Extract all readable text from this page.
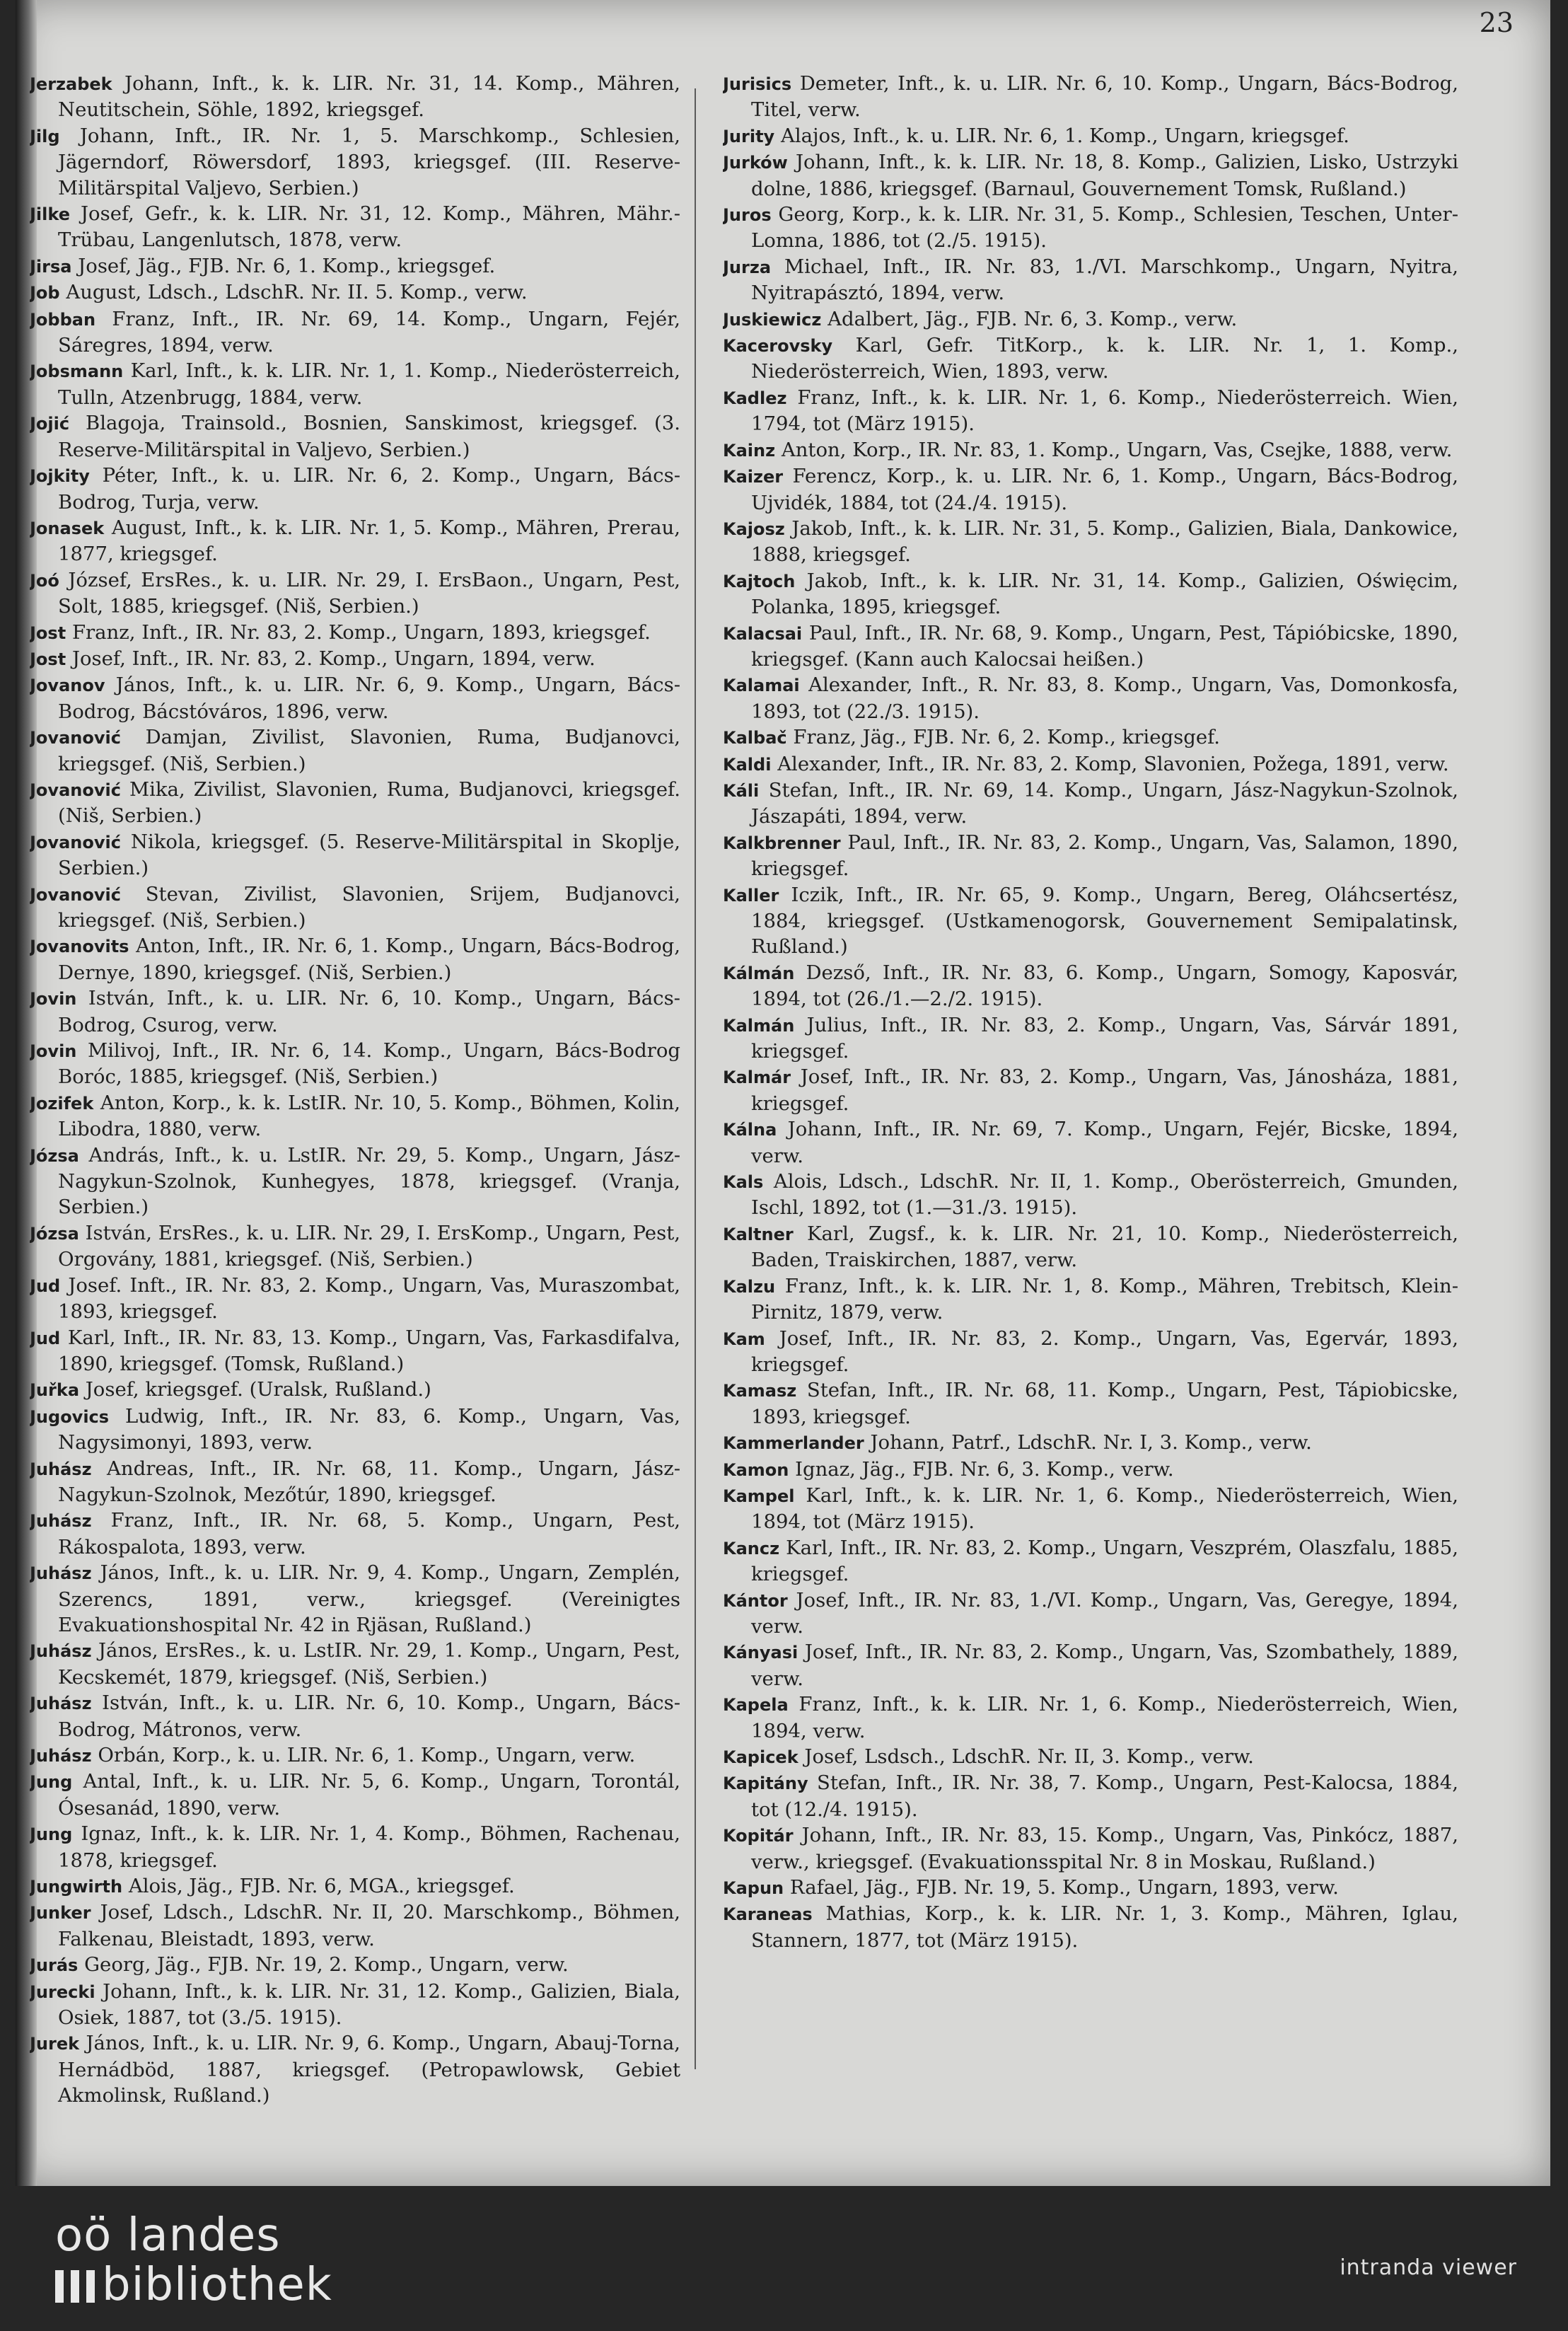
23
Jerzabek Johann, Inft., k. k. LIR. Nr. 31, 14. Komp., Mähren, Neutitschein, Söhle, 1892, kriegsgef.
Jilg Johann, Inft., IR. Nr. 1, 5. Marschkomp., Schlesien, Jägerndorf, Röwersdorf, 1893, kriegsgef. (III. Reserve-Militärspital Valjevo, Serbien.)
Jilke Josef, Gefr., k. k. LIR. Nr. 31, 12. Komp., Mähren, Mähr.-Trübau, Langenlutsch, 1878, verw.
Jirsa Josef, Jäg., FJB. Nr. 6, 1. Komp., kriegsgef.
Job August, Ldsch., LdschR. Nr. II. 5. Komp., verw.
Jobban Franz, Inft., IR. Nr. 69, 14. Komp., Ungarn, Fejér, Sáregres, 1894, verw.
Jobsmann Karl, Inft., k. k. LIR. Nr. 1, 1. Komp., Niederösterreich, Tulln, Atzenbrugg, 1884, verw.
Jojić Blagoja, Trainsold., Bosnien, Sanskimost, kriegsgef. (3. Reserve-Militärspital in Valjevo, Serbien.)
Jojkity Péter, Inft., k. u. LIR. Nr. 6, 2. Komp., Ungarn, Bács-Bodrog, Turja, verw.
Jonasek August, Inft., k. k. LIR. Nr. 1, 5. Komp., Mähren, Prerau, 1877, kriegsgef.
Joó József, ErsRes., k. u. LIR. Nr. 29, I. ErsBaon., Ungarn, Pest, Solt, 1885, kriegsgef. (Niš, Serbien.)
Jost Franz, Inft., IR. Nr. 83, 2. Komp., Ungarn, 1893, kriegsgef.
Jost Josef, Inft., IR. Nr. 83, 2. Komp., Ungarn, 1894, verw.
Jovanov János, Inft., k. u. LIR. Nr. 6, 9. Komp., Ungarn, Bács-Bodrog, Bácstóváros, 1896, verw.
Jovanović Damjan, Zivilist, Slavonien, Ruma, Budjanovci, kriegsgef. (Niš, Serbien.)
Jovanović Mika, Zivilist, Slavonien, Ruma, Budjanovci, kriegsgef. (Niš, Serbien.)
Jovanović Nikola, kriegsgef. (5. Reserve-Militärspital in Skoplje, Serbien.)
Jovanović Stevan, Zivilist, Slavonien, Srijem, Budjanovci, kriegsgef. (Niš, Serbien.)
Jovanovits Anton, Inft., IR. Nr. 6, 1. Komp., Ungarn, Bács-Bodrog, Dernye, 1890, kriegsgef. (Niš, Serbien.)
Jovin István, Inft., k. u. LIR. Nr. 6, 10. Komp., Ungarn, Bács-Bodrog, Csurog, verw.
Jovin Milivoj, Inft., IR. Nr. 6, 14. Komp., Ungarn, Bács-Bodrog Boróc, 1885, kriegsgef. (Niš, Serbien.)
Jozifek Anton, Korp., k. k. LstIR. Nr. 10, 5. Komp., Böhmen, Kolin, Libodra, 1880, verw.
Józsa András, Inft., k. u. LstIR. Nr. 29, 5. Komp., Ungarn, Jász-Nagykun-Szolnok, Kunhegyes, 1878, kriegsgef. (Vranja, Serbien.)
Józsa István, ErsRes., k. u. LIR. Nr. 29, I. ErsKomp., Ungarn, Pest, Orgovány, 1881, kriegsgef. (Niš, Serbien.)
Jud Josef. Inft., IR. Nr. 83, 2. Komp., Ungarn, Vas, Muraszombat, 1893, kriegsgef.
Jud Karl, Inft., IR. Nr. 83, 13. Komp., Ungarn, Vas, Farkasdifalva, 1890, kriegsgef. (Tomsk, Rußland.)
Juřka Josef, kriegsgef. (Uralsk, Rußland.)
Jugovics Ludwig, Inft., IR. Nr. 83, 6. Komp., Ungarn, Vas, Nagysimonyi, 1893, verw.
Juhász Andreas, Inft., IR. Nr. 68, 11. Komp., Ungarn, Jász-Nagykun-Szolnok, Mezőtúr, 1890, kriegsgef.
Juhász Franz, Inft., IR. Nr. 68, 5. Komp., Ungarn, Pest, Rákospalota, 1893, verw.
Juhász János, Inft., k. u. LIR. Nr. 9, 4. Komp., Ungarn, Zemplén, Szerencs, 1891, verw., kriegsgef. (Vereinigtes Evakuationshospital Nr. 42 in Rjäsan, Rußland.)
Juhász János, ErsRes., k. u. LstIR. Nr. 29, 1. Komp., Ungarn, Pest, Kecskemét, 1879, kriegsgef. (Niš, Serbien.)
Juhász István, Inft., k. u. LIR. Nr. 6, 10. Komp., Ungarn, Bács-Bodrog, Mátronos, verw.
Juhász Orbán, Korp., k. u. LIR. Nr. 6, 1. Komp., Ungarn, verw.
Jung Antal, Inft., k. u. LIR. Nr. 5, 6. Komp., Ungarn, Torontál, Ósesanád, 1890, verw.
Jung Ignaz, Inft., k. k. LIR. Nr. 1, 4. Komp., Böhmen, Rachenau, 1878, kriegsgef.
Jungwirth Alois, Jäg., FJB. Nr. 6, MGA., kriegsgef.
Junker Josef, Ldsch., LdschR. Nr. II, 20. Marschkomp., Böhmen, Falkenau, Bleistadt, 1893, verw.
Jurás Georg, Jäg., FJB. Nr. 19, 2. Komp., Ungarn, verw.
Jurecki Johann, Inft., k. k. LIR. Nr. 31, 12. Komp., Galizien, Biala, Osiek, 1887, tot (3./5. 1915).
Jurek János, Inft., k. u. LIR. Nr. 9, 6. Komp., Ungarn, Abauj-Torna, Hernádböd, 1887, kriegsgef. (Petropawlowsk, Gebiet Akmolinsk, Rußland.)
Jurisics Demeter, Inft., k. u. LIR. Nr. 6, 10. Komp., Ungarn, Bács-Bodrog, Titel, verw.
Jurity Alajos, Inft., k. u. LIR. Nr. 6, 1. Komp., Ungarn, kriegsgef.
Jurków Johann, Inft., k. k. LIR. Nr. 18, 8. Komp., Galizien, Lisko, Ustrzyki dolne, 1886, kriegsgef. (Barnaul, Gouvernement Tomsk, Rußland.)
Juros Georg, Korp., k. k. LIR. Nr. 31, 5. Komp., Schlesien, Teschen, Unter-Lomna, 1886, tot (2./5. 1915).
Jurza Michael, Inft., IR. Nr. 83, 1./VI. Marschkomp., Ungarn, Nyitra, Nyitrapásztó, 1894, verw.
Juskiewicz Adalbert, Jäg., FJB. Nr. 6, 3. Komp., verw.
Kacerovsky Karl, Gefr. TitKorp., k. k. LIR. Nr. 1, 1. Komp., Niederösterreich, Wien, 1893, verw.
Kadlez Franz, Inft., k. k. LIR. Nr. 1, 6. Komp., Niederösterreich. Wien, 1794, tot (März 1915).
Kainz Anton, Korp., IR. Nr. 83, 1. Komp., Ungarn, Vas, Csejke, 1888, verw.
Kaizer Ferencz, Korp., k. u. LIR. Nr. 6, 1. Komp., Ungarn, Bács-Bodrog, Ujvidék, 1884, tot (24./4. 1915).
Kajosz Jakob, Inft., k. k. LIR. Nr. 31, 5. Komp., Galizien, Biala, Dankowice, 1888, kriegsgef.
Kajtoch Jakob, Inft., k. k. LIR. Nr. 31, 14. Komp., Galizien, Oświęcim, Polanka, 1895, kriegsgef.
Kalacsai Paul, Inft., IR. Nr. 68, 9. Komp., Ungarn, Pest, Tápióbicske, 1890, kriegsgef. (Kann auch Kalocsai heißen.)
Kalamai Alexander, Inft., R. Nr. 83, 8. Komp., Ungarn, Vas, Domonkosfa, 1893, tot (22./3. 1915).
Kalbač Franz, Jäg., FJB. Nr. 6, 2. Komp., kriegsgef.
Kaldi Alexander, Inft., IR. Nr. 83, 2. Komp, Slavonien, Požega, 1891, verw.
Káli Stefan, Inft., IR. Nr. 69, 14. Komp., Ungarn, Jász-Nagykun-Szolnok, Jászapáti, 1894, verw.
Kalkbrenner Paul, Inft., IR. Nr. 83, 2. Komp., Ungarn, Vas, Salamon, 1890, kriegsgef.
Kaller Iczik, Inft., IR. Nr. 65, 9. Komp., Ungarn, Bereg, Oláhcsertész, 1884, kriegsgef. (Ustkamenogorsk, Gouvernement Semipalatinsk, Rußland.)
Kálmán Dezső, Inft., IR. Nr. 83, 6. Komp., Ungarn, Somogy, Kaposvár, 1894, tot (26./1.—2./2. 1915).
Kalmán Julius, Inft., IR. Nr. 83, 2. Komp., Ungarn, Vas, Sárvár 1891, kriegsgef.
Kalmár Josef, Inft., IR. Nr. 83, 2. Komp., Ungarn, Vas, Jánosháza, 1881, kriegsgef.
Kálna Johann, Inft., IR. Nr. 69, 7. Komp., Ungarn, Fejér, Bicske, 1894, verw.
Kals Alois, Ldsch., LdschR. Nr. II, 1. Komp., Oberösterreich, Gmunden, Ischl, 1892, tot (1.—31./3. 1915).
Kaltner Karl, Zugsf., k. k. LIR. Nr. 21, 10. Komp., Niederösterreich, Baden, Traiskirchen, 1887, verw.
Kalzu Franz, Inft., k. k. LIR. Nr. 1, 8. Komp., Mähren, Trebitsch, Klein-Pirnitz, 1879, verw.
Kam Josef, Inft., IR. Nr. 83, 2. Komp., Ungarn, Vas, Egervár, 1893, kriegsgef.
Kamasz Stefan, Inft., IR. Nr. 68, 11. Komp., Ungarn, Pest, Tápiobicske, 1893, kriegsgef.
Kammerlander Johann, Patrf., LdschR. Nr. I, 3. Komp., verw.
Kamon Ignaz, Jäg., FJB. Nr. 6, 3. Komp., verw.
Kampel Karl, Inft., k. k. LIR. Nr. 1, 6. Komp., Niederösterreich, Wien, 1894, tot (März 1915).
Kancz Karl, Inft., IR. Nr. 83, 2. Komp., Ungarn, Veszprém, Olaszfalu, 1885, kriegsgef.
Kántor Josef, Inft., IR. Nr. 83, 1./VI. Komp., Ungarn, Vas, Geregye, 1894, verw.
Kányasi Josef, Inft., IR. Nr. 83, 2. Komp., Ungarn, Vas, Szombathely, 1889, verw.
Kapela Franz, Inft., k. k. LIR. Nr. 1, 6. Komp., Niederösterreich, Wien, 1894, verw.
Kapicek Josef, Lsdsch., LdschR. Nr. II, 3. Komp., verw.
Kapitány Stefan, Inft., IR. Nr. 38, 7. Komp., Ungarn, Pest-Kalocsa, 1884, tot (12./4. 1915).
Kopitár Johann, Inft., IR. Nr. 83, 15. Komp., Ungarn, Vas, Pinkócz, 1887, verw., kriegsgef. (Evakuationsspital Nr. 8 in Moskau, Rußland.)
Kapun Rafael, Jäg., FJB. Nr. 19, 5. Komp., Ungarn, 1893, verw.
Karaneas Mathias, Korp., k. k. LIR. Nr. 1, 3. Komp., Mähren, Iglau, Stannern, 1877, tot (März 1915).
oö landes
bibliothek	intranda viewer
